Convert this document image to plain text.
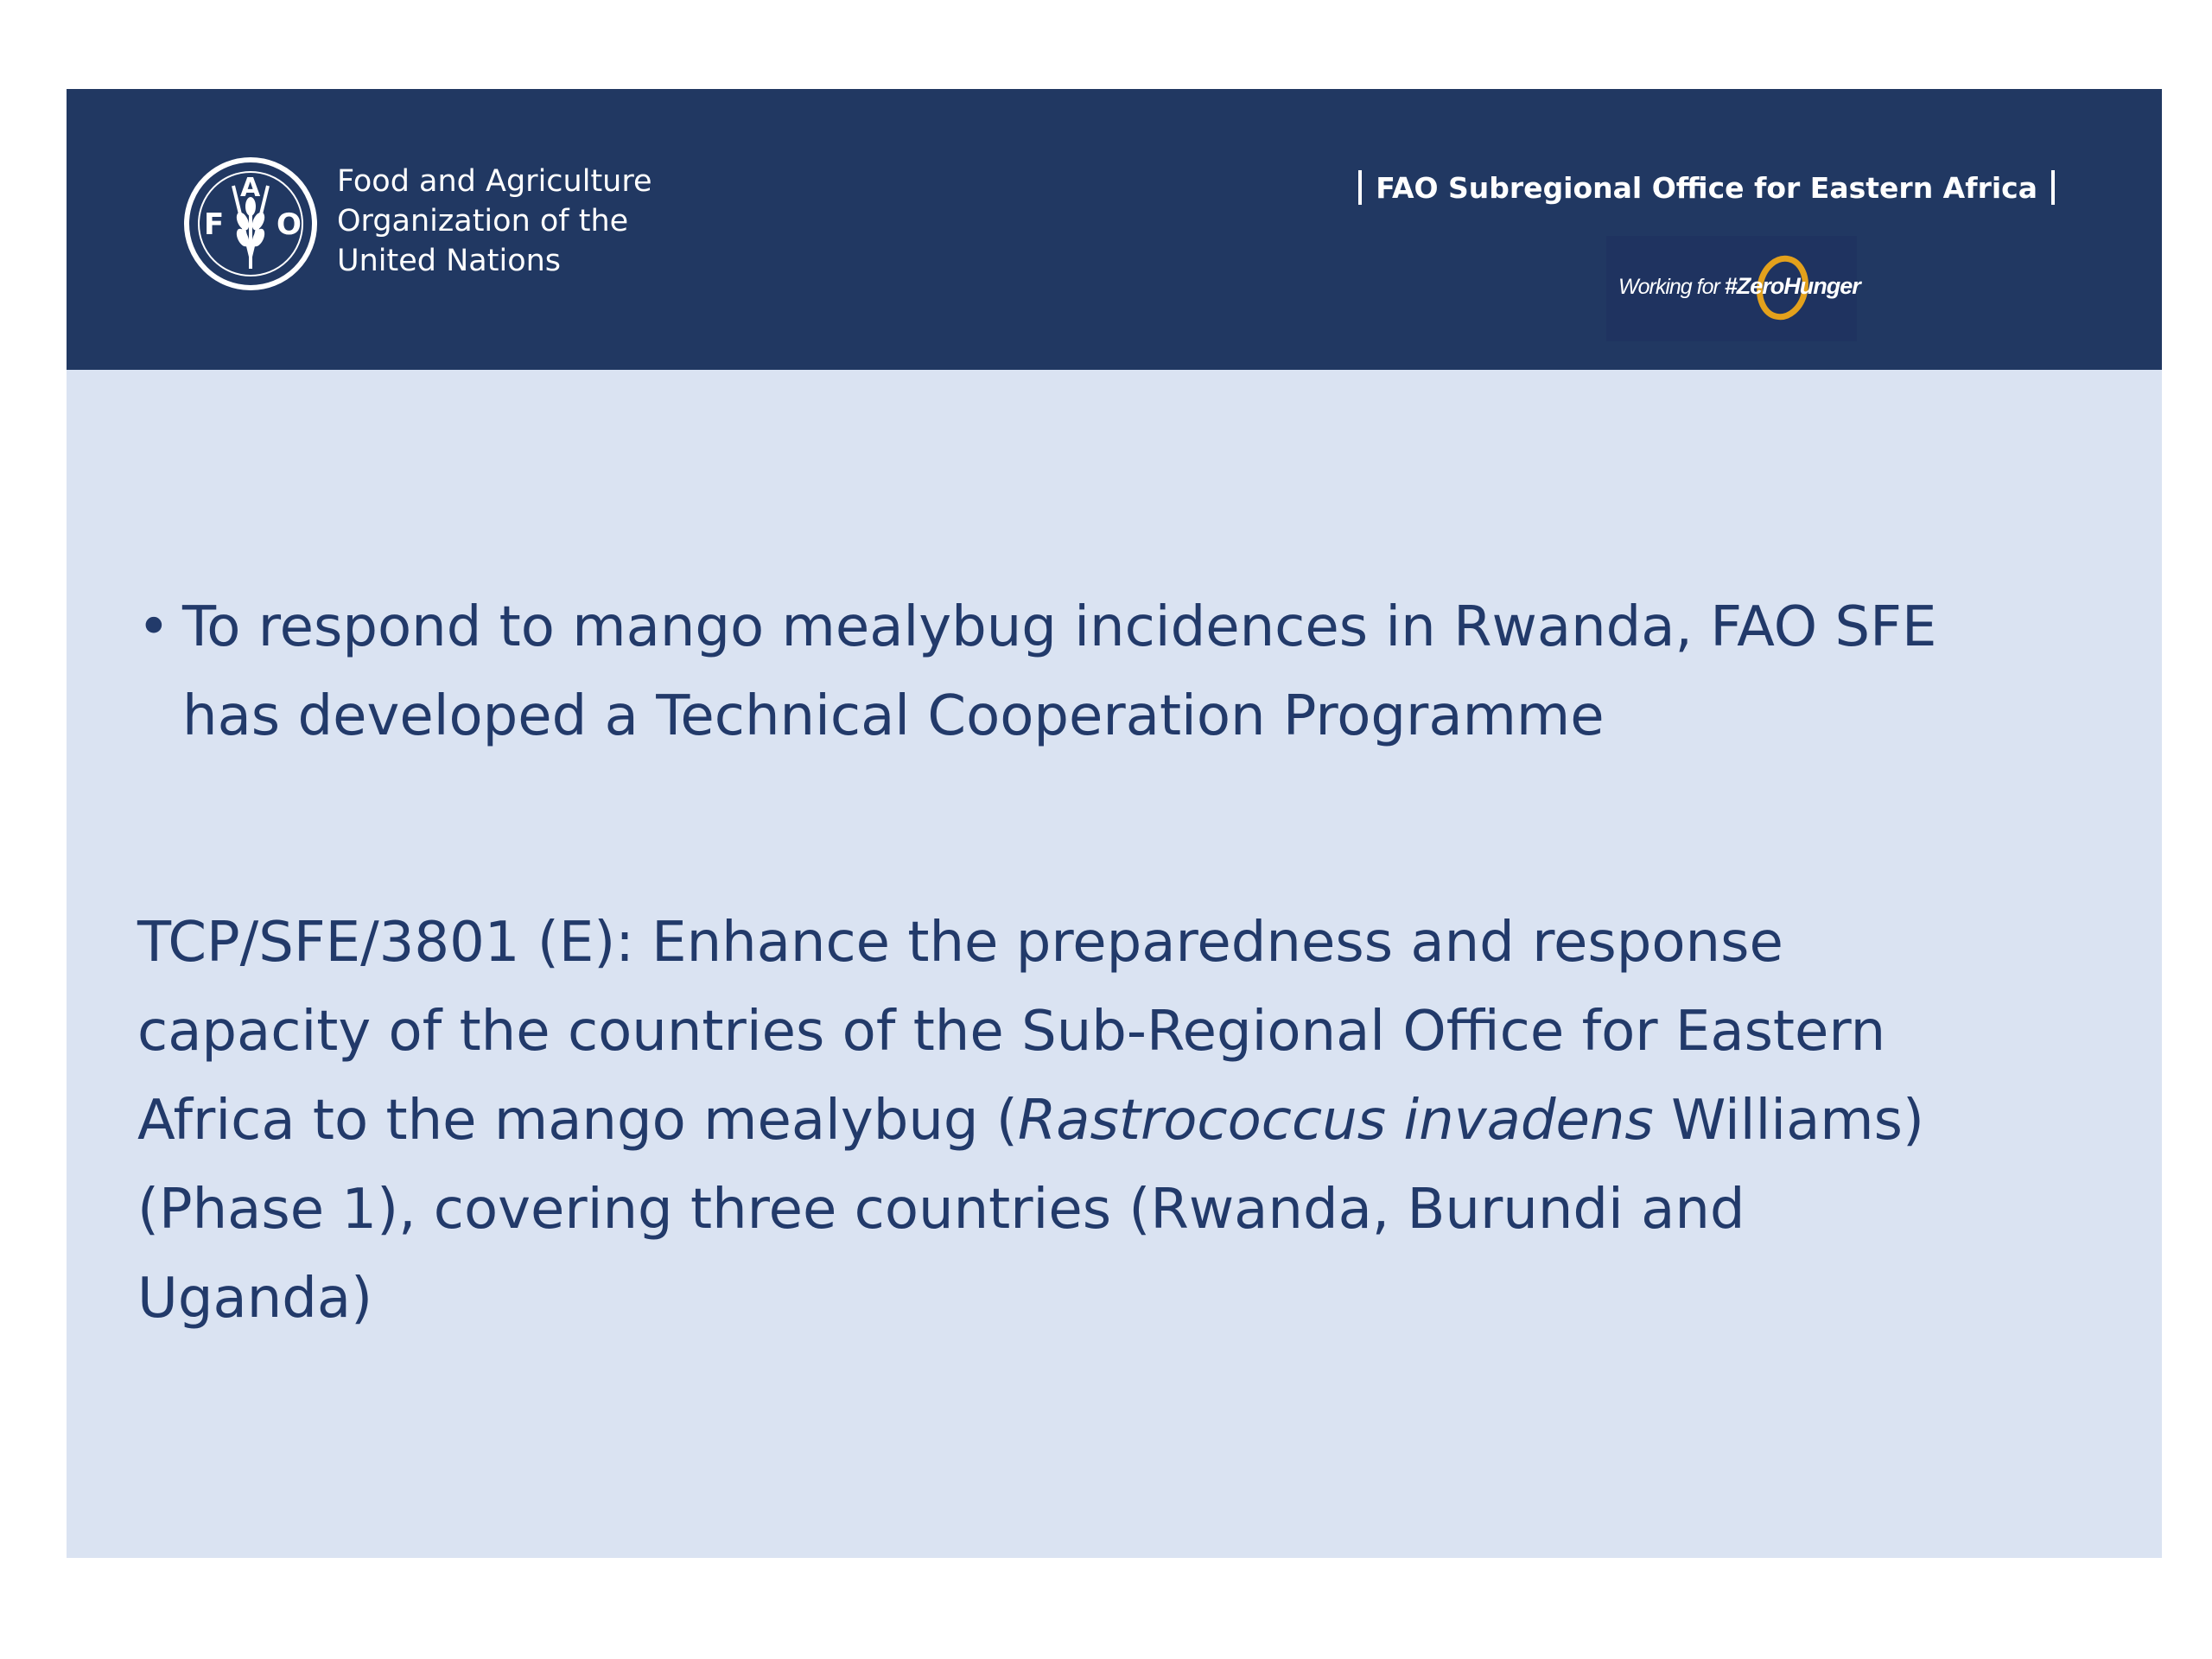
F
A
O
Food and Agriculture
Organization of the
United Nations
FAO Subregional Office for Eastern Africa
Working for #ZeroHunger
• To respond to mango mealybug incidences in Rwanda, FAO SFE
has developed a Technical Cooperation Programme
TCP/SFE/3801 (E): Enhance the preparedness and response
capacity of the countries of the Sub-Regional Office for Eastern
Africa to the mango mealybug (Rastrococcus invadens Williams)
(Phase 1), covering three countries (Rwanda, Burundi and
Uganda)
